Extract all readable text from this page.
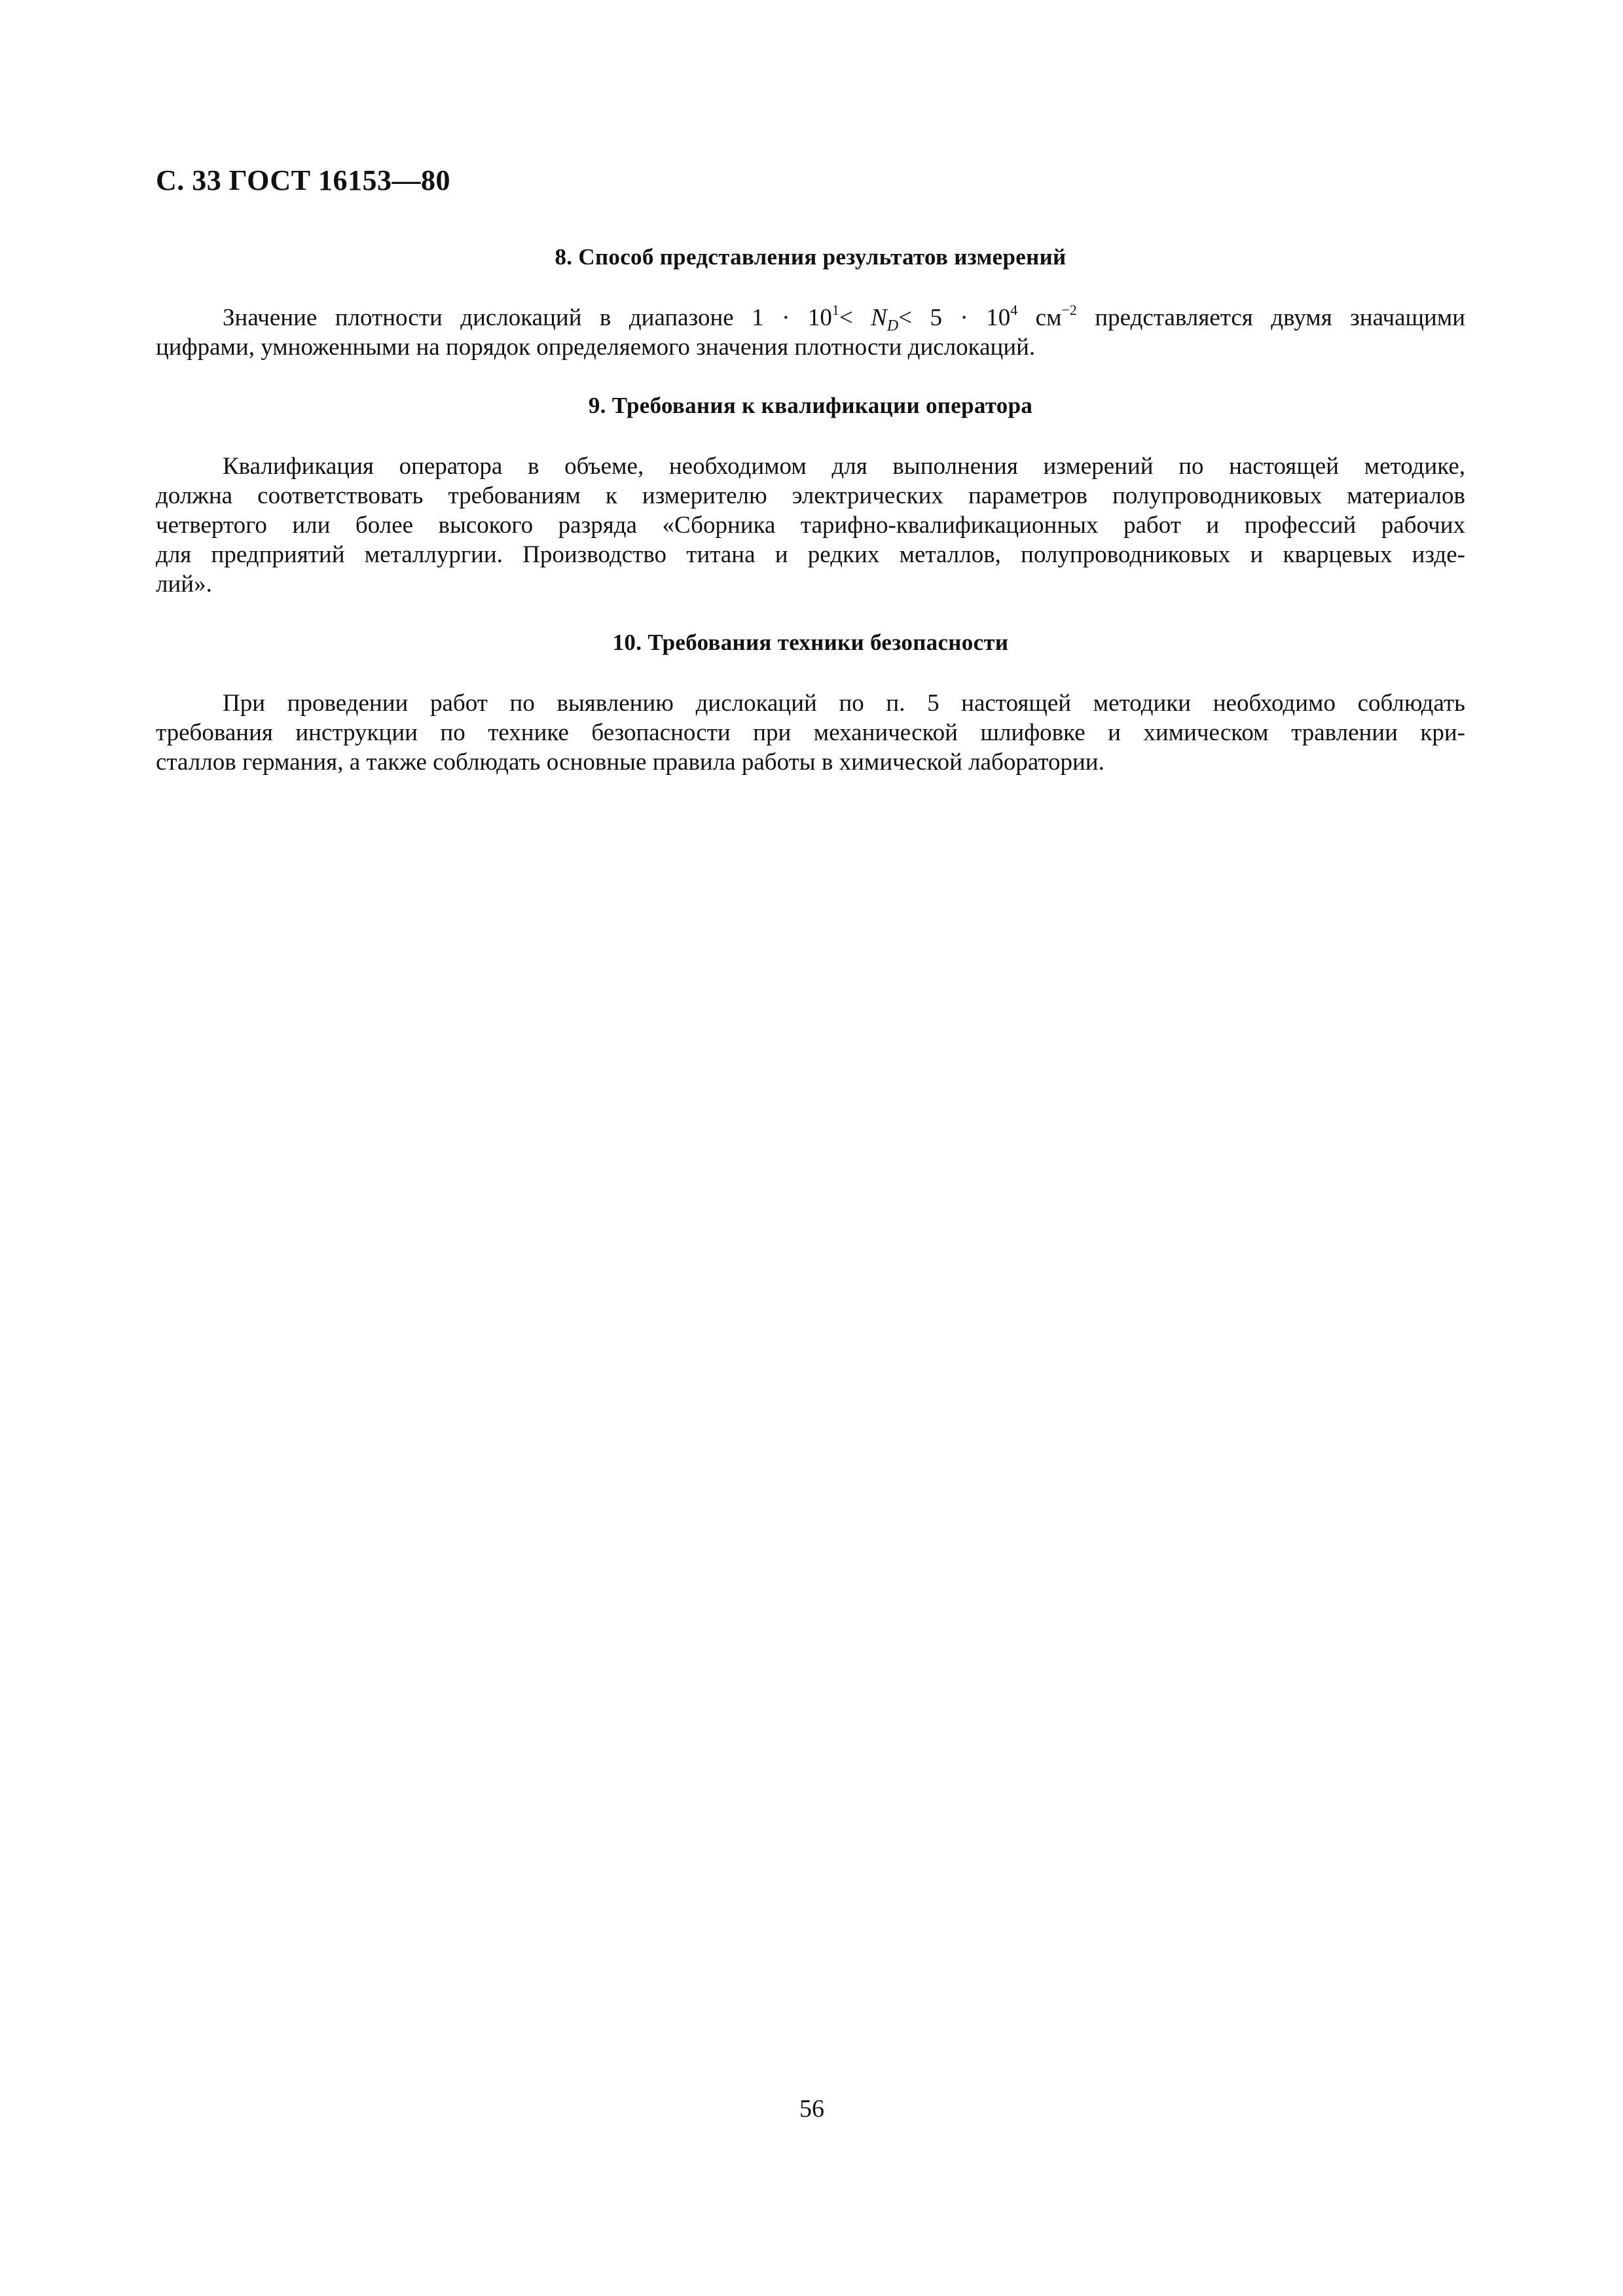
С. 33 ГОСТ 16153—80
8. Способ представления результатов измерений
Значение плотности дислокаций в диапазоне $1 \cdot 10^1< N_D< 5 \cdot 10^4$ $см^{-2}$ представляется двумя значащими
цифрами, умноженными на порядок определяемого значения плотности дислокаций.
9. Требования к квалификации оператора
Квалификация оператора в объеме, необходимом для выполнения измерений по настоящей методике,
должна соответствовать требованиям к измерителю электрических параметров полупроводниковых материалов
четвертого или более высокого разряда «Сборника тарифно-квалификационных работ и профессий рабочих
для предприятий металлургии. Производство титана и редких металлов, полупроводниковых и кварцевых изде-
лий».
10. Требования техники безопасности
При проведении работ по выявлению дислокаций по п. 5 настоящей методики необходимо соблюдать
требования инструкции по технике безопасности при механической шлифовке и химическом травлении кри-
сталлов германия, а также соблюдать основные правила работы в химической лаборатории.
56
